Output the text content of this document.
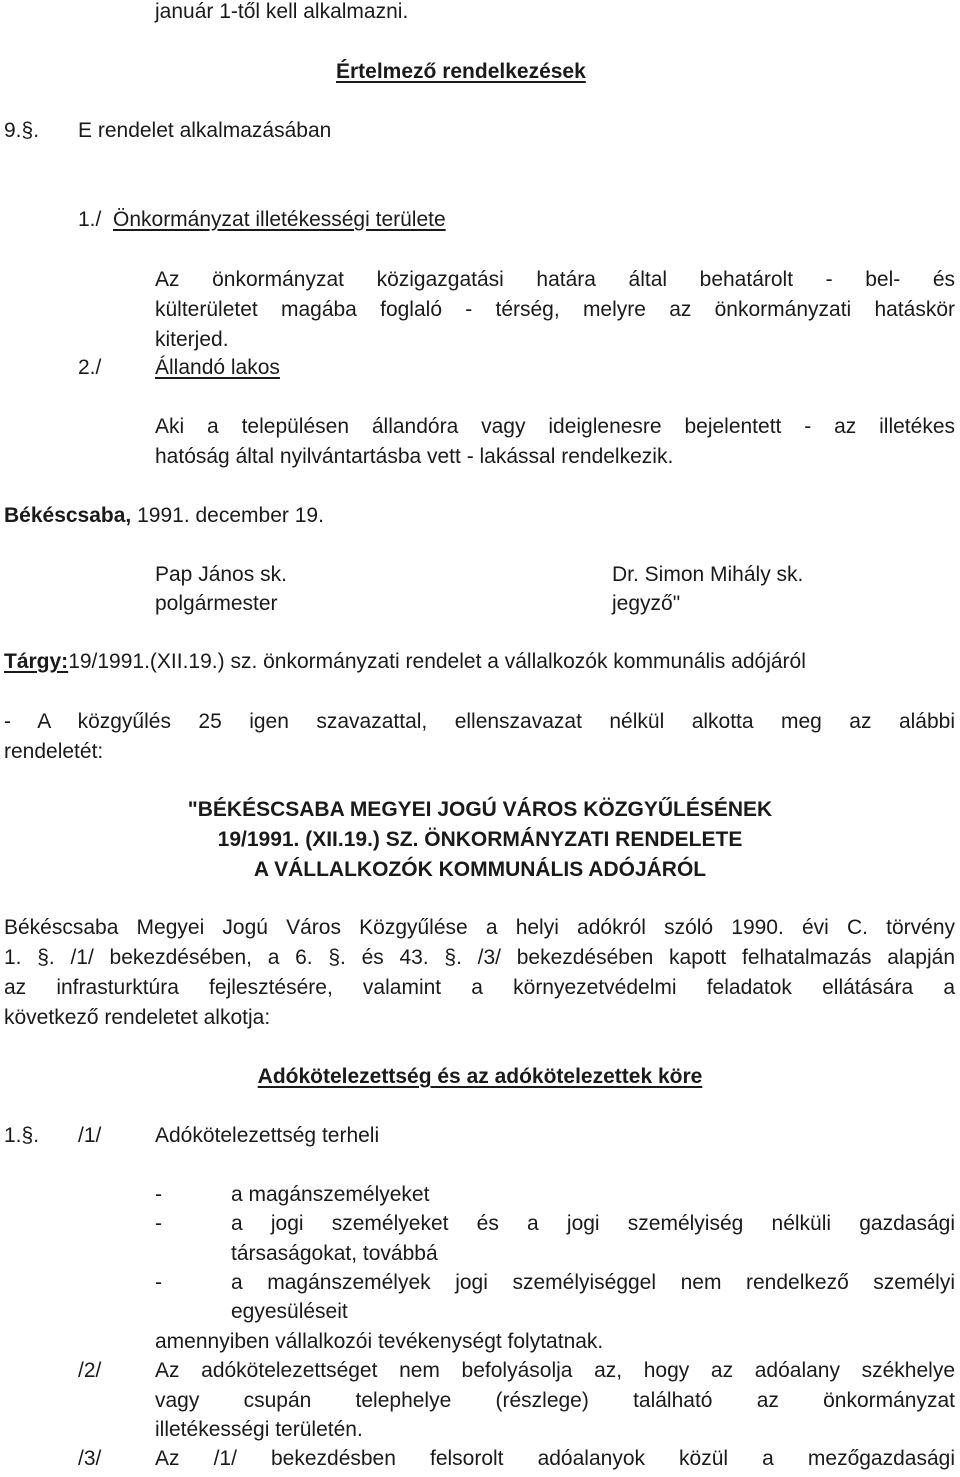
január 1-től kell alkalmazni.
Értelmező rendelkezések
9.§. E rendelet alkalmazásában
1./ Önkormányzat illetékességi területe
Az önkormányzat közigazgatási határa által behatárolt - bel- és
külterületet magába foglaló - térség, melyre az önkormányzati hatáskör
kiterjed.
2./	Állandó lakos
Aki a településen állandóra vagy ideiglenesre bejelentett - az illetékes
hatóság által nyilvántartásba vett - lakással rendelkezik.
Békéscsaba, 1991. december 19.
Pap János sk.
polgármester
Dr. Simon Mihály sk.
jegyző"
Tárgy:19/1991.(XII.19.) sz. önkormányzati rendelet a vállalkozók kommunális adójáról
- A közgyűlés 25 igen szavazattal, ellenszavazat nélkül alkotta meg az alábbi
rendeletét:
"BÉKÉSCSABA MEGYEI JOGÚ VÁROS KÖZGYŰLÉSÉNEK
19/1991. (XII.19.) SZ. ÖNKORMÁNYZATI RENDELETE
A VÁLLALKOZÓK KOMMUNÁLIS ADÓJÁRÓL
Békéscsaba Megyei Jogú Város Közgyűlése a helyi adókról szóló 1990. évi C. törvény
1. §. /1/ bekezdésében, a 6. §. és 43. §. /3/ bekezdésében kapott felhatalmazás alapján
az infrasturktúra fejlesztésére, valamint a környezetvédelmi feladatok ellátására a
következő rendeletet alkotja:
Adókötelezettség és az adókötelezettek köre
1.§. /1/	Adókötelezettség terheli
-	a magánszemélyeket
-	a jogi személyeket és a jogi személyiség nélküli gazdasági
társaságokat, továbbá
-	a magánszemélyek jogi személyiséggel nem rendelkező személyi
egyesüléseit
amennyiben vállalkozói tevékenységt folytatnak.
/2/	Az adókötelezettséget nem befolyásolja az, hogy az adóalany székhelye
vagy csupán telephelye (részlege) található az önkormányzat
illetékességi területén.
/3/	Az /1/ bekezdésben felsorolt adóalanyok közül a mezőgazdasági
